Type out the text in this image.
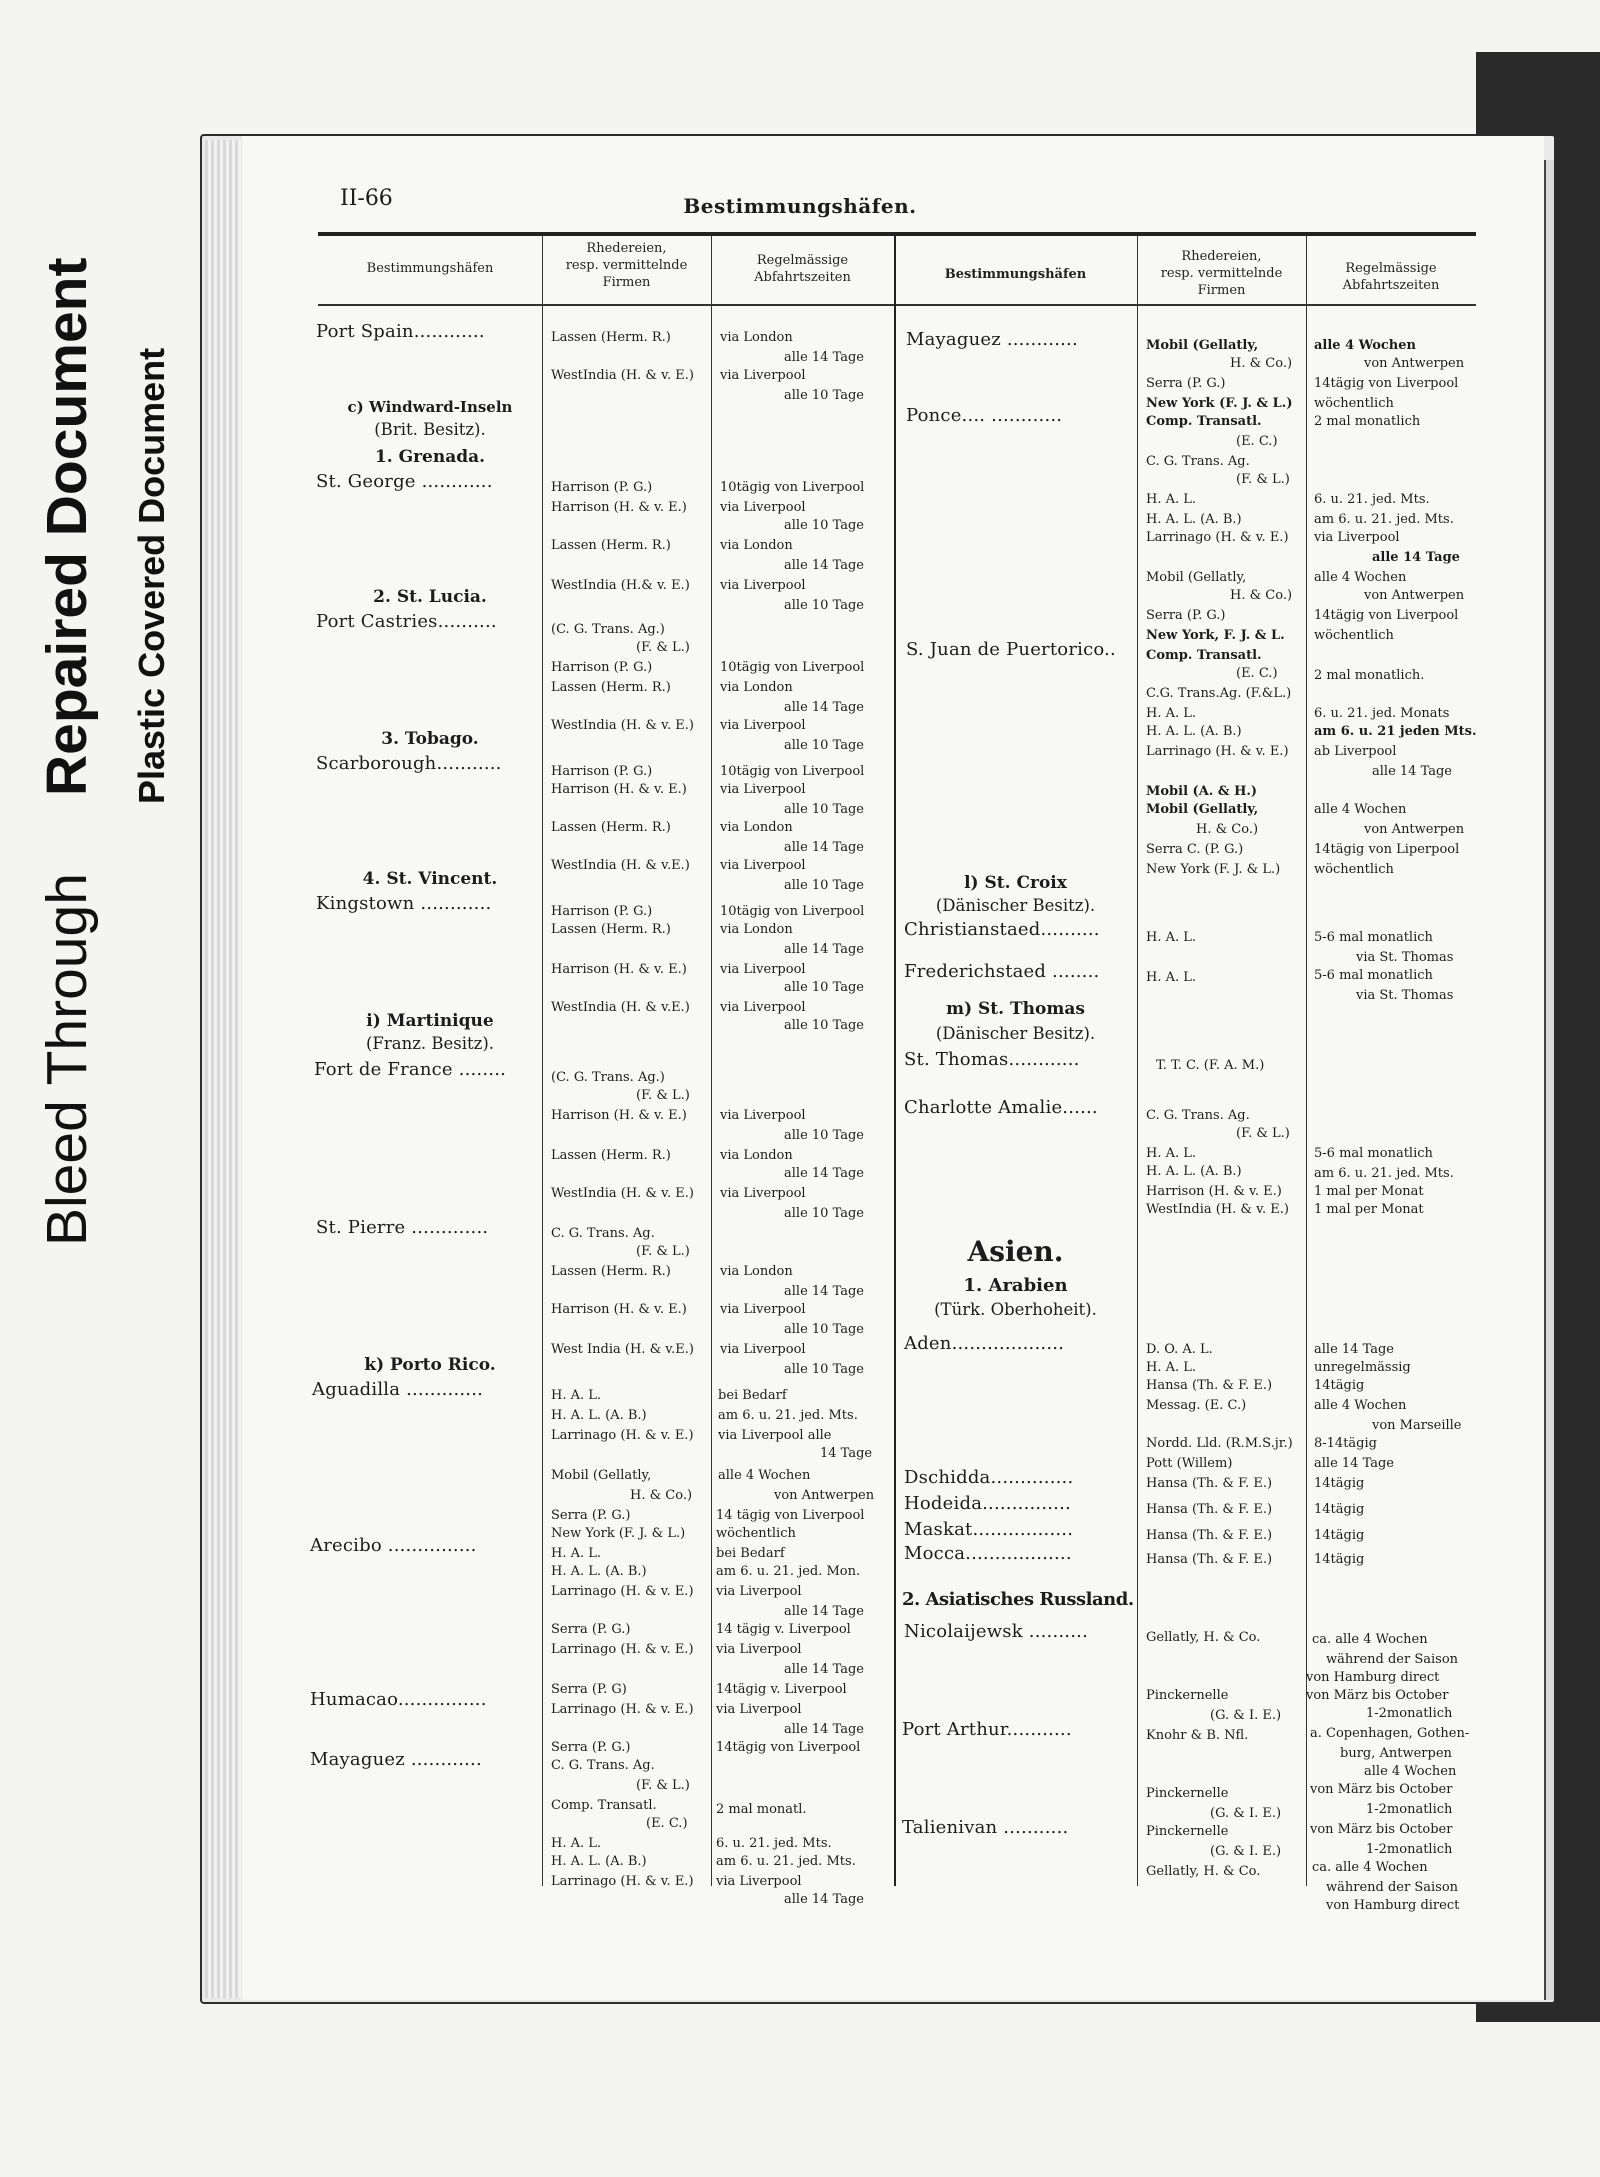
Bleed Through
Repaired Document Plastic Covered Document
II-66	Bestimmungshäfen.
Bestimmungshäfen
Rhedereien,
resp. vermittelnde
Firmen
Regelmässige
Abfahrtszeiten	Bestimmungshäfen
Rhedereien,
resp. vermittelnde
Firmen
Regelmässige
Abfahrtszeiten
Port Spain............
c) Windward-Inseln
(Brit. Besitz).
1. Grenada.
St. George ............
2. St. Lucia.
Port Castries..........
3. Tobago.
Scarborough...........
4. St. Vincent.
Kingstown ............
i) Martinique
(Franz. Besitz).
Fort de France ........
St. Pierre .............
k) Porto Rico.
Aguadilla .............
Arecibo ...............
Humacao...............
Mayaguez ............
Lassen (Herm. R.)
WestIndia (H. & v. E.)
Harrison (P. G.)
Harrison (H. & v. E.)
Lassen (Herm. R.)
WestIndia (H.& v. E.)
(C. G. Trans. Ag.)
(F. & L.)
Harrison (P. G.)
Lassen (Herm. R.)
WestIndia (H. & v. E.)
Harrison (P. G.)
Harrison (H. & v. E.)
Lassen (Herm. R.)
WestIndia (H. & v.E.)
Harrison (P. G.)
Lassen (Herm. R.)
Harrison (H. & v. E.)
WestIndia (H. & v.E.)
(C. G. Trans. Ag.)
(F. & L.)
Harrison (H. & v. E.)
Lassen (Herm. R.)
WestIndia (H. & v. E.)
C. G. Trans. Ag.
(F. & L.)
Lassen (Herm. R.)
Harrison (H. & v. E.)
West India (H. & v.E.)
H. A. L.
H. A. L. (A. B.)
Larrinago (H. & v. E.)
Mobil (Gellatly,
H. & Co.)
Serra (P. G.)
New York (F. J. & L.)
H. A. L.
H. A. L. (A. B.)
Larrinago (H. & v. E.)
Serra (P. G.)
Larrinago (H. & v. E.)
Serra (P. G)
Larrinago (H. & v. E.)
Serra (P. G.)
C. G. Trans. Ag.
(F. & L.)
Comp. Transatl.
(E. C.)
H. A. L.
H. A. L. (A. B.)
Larrinago (H. & v. E.)
via London
alle 14 Tage
via Liverpool
alle 10 Tage
10tägig von Liverpool
via Liverpool
alle 10 Tage
via London
alle 14 Tage
via Liverpool
alle 10 Tage
10tägig von Liverpool
via London
alle 14 Tage
via Liverpool
alle 10 Tage
10tägig von Liverpool
via Liverpool
alle 10 Tage
via London
alle 14 Tage
via Liverpool
alle 10 Tage
10tägig von Liverpool
via London
alle 14 Tage
via Liverpool
alle 10 Tage
via Liverpool
alle 10 Tage
via Liverpool
alle 10 Tage
via London
alle 14 Tage
via Liverpool
alle 10 Tage
via London
alle 14 Tage
via Liverpool
alle 10 Tage
via Liverpool
alle 10 Tage
bei Bedarf
am 6. u. 21. jed. Mts.
via Liverpool alle
14 Tage
alle 4 Wochen
von Antwerpen
14 tägig von Liverpool
wöchentlich
bei Bedarf
am 6. u. 21. jed. Mon.
via Liverpool
alle 14 Tage
14 tägig v. Liverpool
via Liverpool
alle 14 Tage
14tägig v. Liverpool
via Liverpool
alle 14 Tage
14tägig von Liverpool
2 mal monatl.
6. u. 21. jed. Mts.
am 6. u. 21. jed. Mts.
via Liverpool
alle 14 Tage
Mayaguez ............
Ponce.... ............
S. Juan de Puertorico..
l) St. Croix
(Dänischer Besitz).
Christianstaed..........
Frederichstaed ........
m) St. Thomas
(Dänischer Besitz).
St. Thomas............
Charlotte Amalie......
Asien.
1. Arabien
(Türk. Oberhoheit).
Aden...................
Dschidda..............
Hodeida...............
Maskat.................
Mocca..................
2. Asiatisches Russland.
Nicolaijewsk ..........
Port Arthur...........
Talienivan ...........
Mobil (Gellatly,
H. & Co.)
Serra (P. G.)
New York (F. J. & L.)
Comp. Transatl.
(E. C.)
C. G. Trans. Ag.
(F. & L.)
H. A. L.
H. A. L. (A. B.)
Larrinago (H. & v. E.)
Mobil (Gellatly,
H. & Co.)
Serra (P. G.)
New York, F. J. & L.
Comp. Transatl.
(E. C.)
C.G. Trans.Ag. (F.&L.)
H. A. L.
H. A. L. (A. B.)
Larrinago (H. & v. E.)
Mobil (A. & H.)
Mobil (Gellatly,
H. & Co.)
Serra C. (P. G.)
New York (F. J. & L.)
H. A. L.
H. A. L.
T. T. C. (F. A. M.)
C. G. Trans. Ag.
(F. & L.)
H. A. L.
H. A. L. (A. B.)
Harrison (H. & v. E.)
WestIndia (H. & v. E.)
D. O. A. L.
H. A. L.
Hansa (Th. & F. E.)
Messag. (E. C.)
Nordd. Lld. (R.M.S.jr.)
Pott (Willem)
Hansa (Th. & F. E.)
Hansa (Th. & F. E.)
Hansa (Th. & F. E.)
Hansa (Th. & F. E.)
Gellatly, H. & Co.
Pinckernelle
(G. & I. E.)
Knohr & B. Nfl.
Pinckernelle
(G. & I. E.)
Pinckernelle
(G. & I. E.)
Gellatly, H. & Co.
alle 4 Wochen
von Antwerpen
14tägig von Liverpool
wöchentlich
2 mal monatlich
6. u. 21. jed. Mts.
am 6. u. 21. jed. Mts.
via Liverpool
alle 14 Tage
alle 4 Wochen
von Antwerpen
14tägig von Liverpool
wöchentlich
2 mal monatlich.
6. u. 21. jed. Monats
am 6. u. 21 jeden Mts.
ab Liverpool
alle 14 Tage
alle 4 Wochen
von Antwerpen
14tägig von Liperpool
wöchentlich
5-6 mal monatlich
via St. Thomas
5-6 mal monatlich
via St. Thomas
5-6 mal monatlich
am 6. u. 21. jed. Mts.
1 mal per Monat
1 mal per Monat
alle 14 Tage
unregelmässig
14tägig
alle 4 Wochen
von Marseille
8-14tägig
alle 14 Tage
14tägig
14tägig
14tägig
14tägig
ca. alle 4 Wochen
während der Saison
von Hamburg direct
von März bis October
1-2monatlich
a. Copenhagen, Gothen-
burg, Antwerpen
alle 4 Wochen
von März bis October
1-2monatlich
von März bis October
1-2monatlich
ca. alle 4 Wochen
während der Saison
von Hamburg direct
